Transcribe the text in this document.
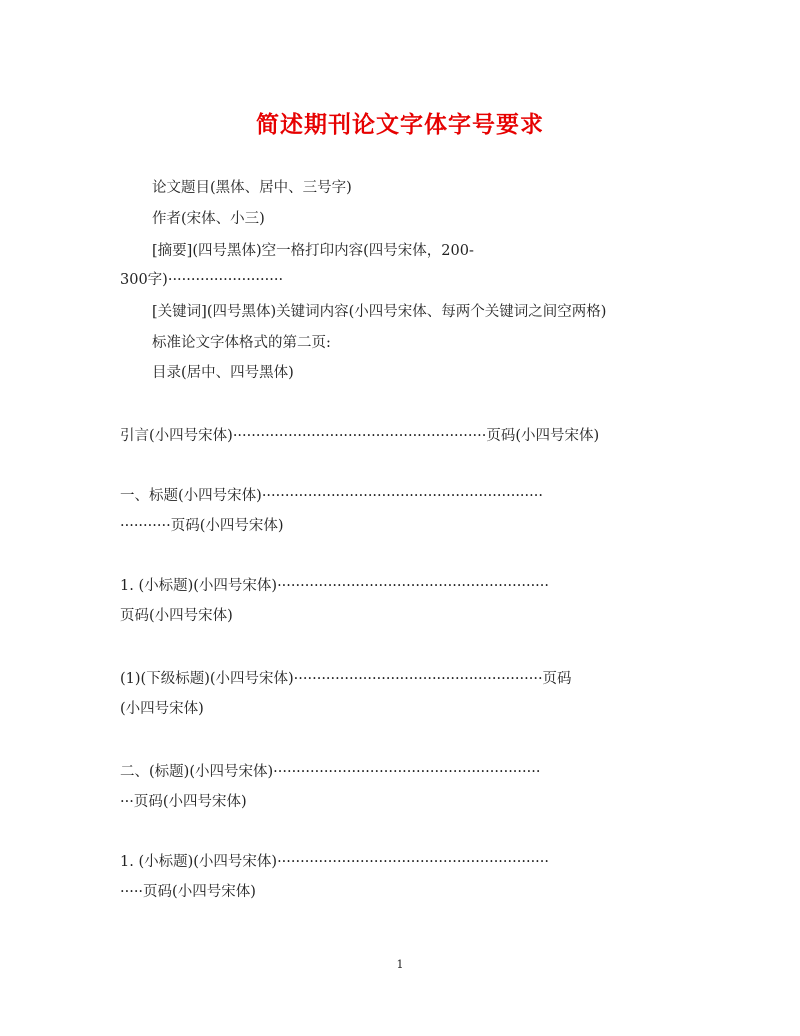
简述期刊论文字体字号要求
论文题目(黑体、居中、三号字)
作者(宋体、小三)
[摘要](四号黑体)空一格打印内容(四号宋体，200-
300字)·························
[关键词](四号黑体)关键词内容(小四号宋体、每两个关键词之间空两格)
标准论文字体格式的第二页:
目录(居中、四号黑体)
引言(小四号宋体)·······················································页码(小四号宋体)
一、标题(小四号宋体)·····························································
···········页码(小四号宋体)
1. (小标题)(小四号宋体)···························································
页码(小四号宋体)
(1)(下级标题)(小四号宋体)······················································页码
(小四号宋体)
二、(标题)(小四号宋体)··························································
···页码(小四号宋体)
1. (小标题)(小四号宋体)···························································
·····页码(小四号宋体)
1
